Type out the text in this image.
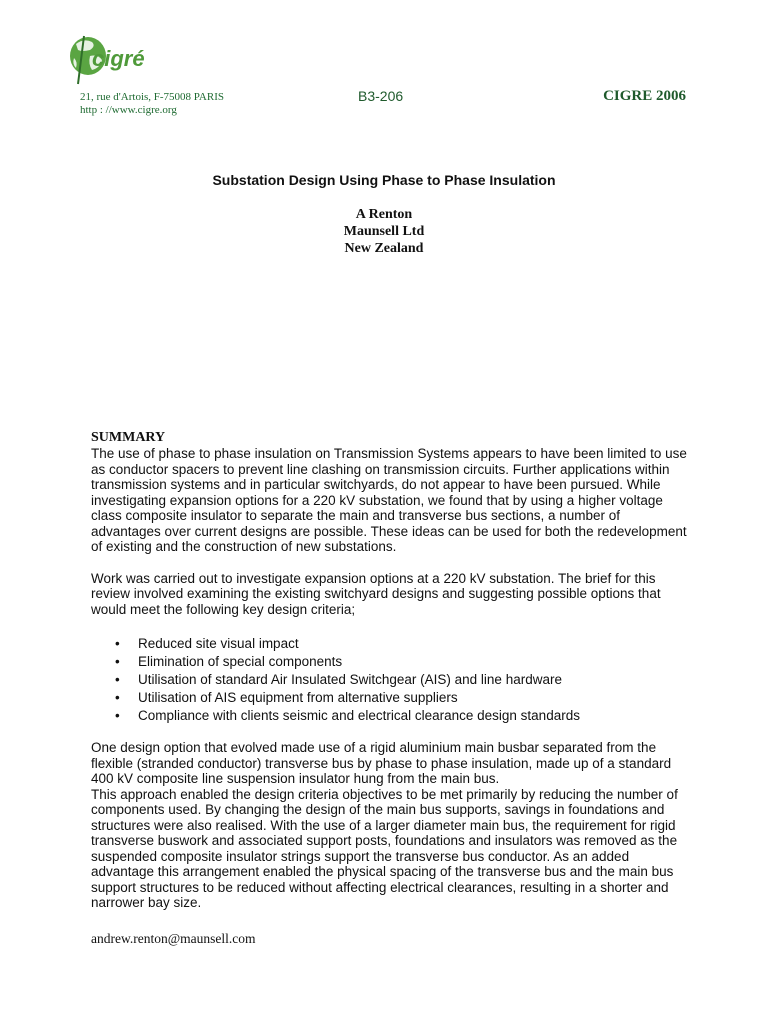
cigré
21, rue d'Artois, F-75008 PARIS
http : //www.cigre.org
B3-206	CIGRE 2006
Substation Design Using Phase to Phase Insulation
A Renton
Maunsell Ltd
New Zealand
SUMMARY

The use of phase to phase insulation on Transmission Systems appears to have been limited to use as conductor spacers to prevent line clashing on transmission circuits. Further applications within transmission systems and in particular switchyards, do not appear to have been pursued. While investigating expansion options for a 220 kV substation, we found that by using a higher voltage class composite insulator to separate the main and transverse bus sections, a number of advantages over current designs are possible. These ideas can be used for both the redevelopment of existing and the construction of new substations.

Work was carried out to investigate expansion options at a 220 kV substation. The brief for this review involved examining the existing switchyard designs and suggesting possible options that would meet the following key design criteria;

• Reduced site visual impact
• Elimination of special components
• Utilisation of standard Air Insulated Switchgear (AIS) and line hardware
• Utilisation of AIS equipment from alternative suppliers
• Compliance with clients seismic and electrical clearance design standards

One design option that evolved made use of a rigid aluminium main busbar separated from the flexible (stranded conductor) transverse bus by phase to phase insulation, made up of a standard 400 kV composite line suspension insulator hung from the main bus.

This approach enabled the design criteria objectives to be met primarily by reducing the number of components used. By changing the design of the main bus supports, savings in foundations and structures were also realised. With the use of a larger diameter main bus, the requirement for rigid transverse buswork and associated support posts, foundations and insulators was removed as the suspended composite insulator strings support the transverse bus conductor. As an added advantage this arrangement enabled the physical spacing of the transverse bus and the main bus support structures to be reduced without affecting electrical clearances, resulting in a shorter and narrower bay size.

andrew.renton@maunsell.com
